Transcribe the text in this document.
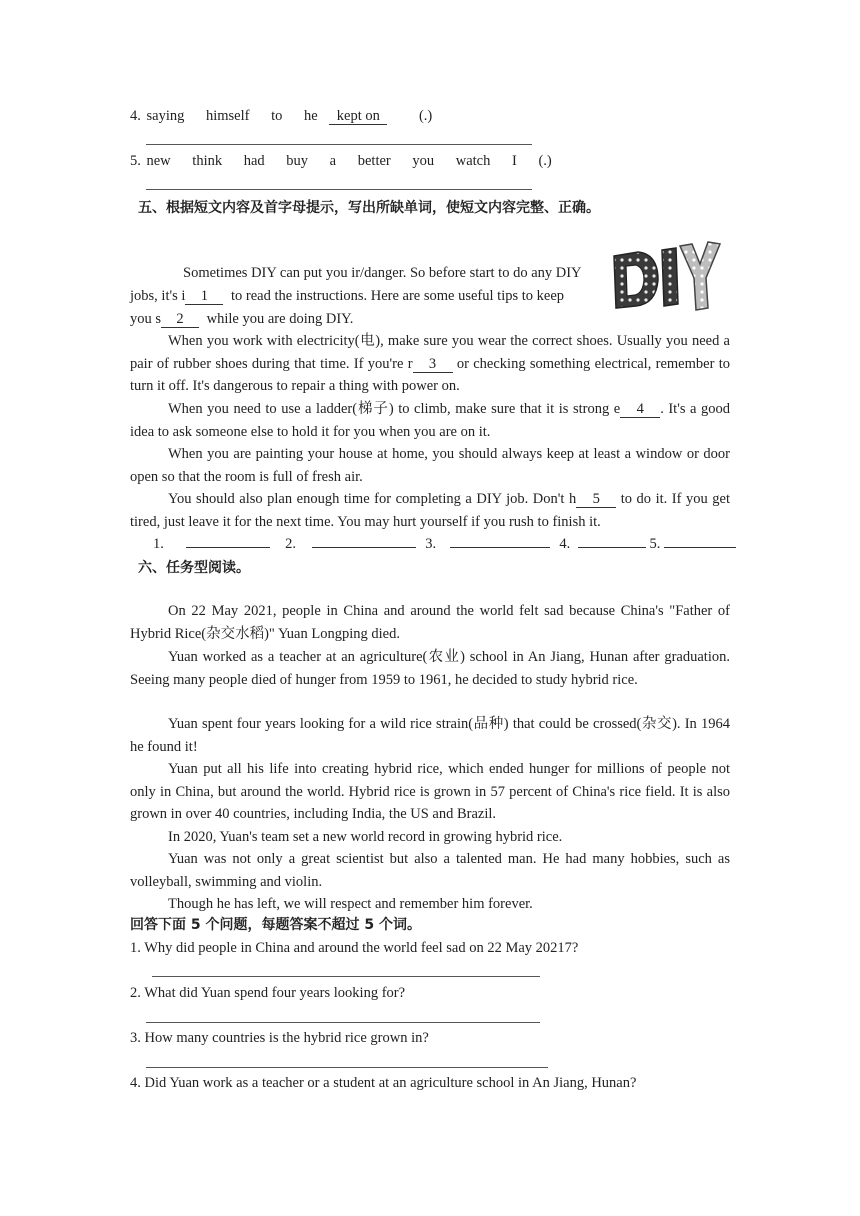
4. saying himself to he kept on	(.)
5. new think had buy a better you watch I (.)
五、根据短文内容及首字母提示，写出所缺单词，使短文内容完整、正确。
Sometimes DIY can put you ir/danger. So before start to do any DIY
jobs, it's i 1 to read the instructions. Here are some useful tips to keep
you s 2 while you are doing DIY.
When you work with electricity(电), make sure you wear the correct shoes. Usually you need a pair of rubber shoes during that time. If you're r 3 or checking something electrical, remember to turn it off. It's dangerous to repair a thing with power on.
When you need to use a ladder(梯子) to climb, make sure that it is strong e 4 . It's a good idea to ask someone else to hold it for you when you are on it.
When you are painting your house at home, you should always keep at least a window or door open so that the room is full of fresh air.
You should also plan enough time for completing a DIY job. Don't h 5 to do it. If you get tired, just leave it for the next time. You may hurt yourself if you rush to finish it.
1.	2.	3.	4.	5.
六、任务型阅读。
On 22 May 2021, people in China and around the world felt sad because China's "Father of Hybrid Rice(杂交水稻)" Yuan Longping died.
Yuan worked as a teacher at an agriculture(农业) school in An Jiang, Hunan after graduation. Seeing many people died of hunger from 1959 to 1961, he decided to study hybrid rice.
Yuan spent four years looking for a wild rice strain(品种) that could be crossed(杂交). In 1964 he found it!
Yuan put all his life into creating hybrid rice, which ended hunger for millions of people not only in China, but around the world. Hybrid rice is grown in 57 percent of China's rice field. It is also grown in over 40 countries, including India, the US and Brazil.
In 2020, Yuan's team set a new world record in growing hybrid rice.
Yuan was not only a great scientist but also a talented man. He had many hobbies, such as volleyball, swimming and violin.
Though he has left, we will respect and remember him forever.
回答下面 5 个问题，每题答案不超过 5 个词。
1. Why did people in China and around the world feel sad on 22 May 20217?
2. What did Yuan spend four years looking for?
3. How many countries is the hybrid rice grown in?
4. Did Yuan work as a teacher or a student at an agriculture school in An Jiang, Hunan?
